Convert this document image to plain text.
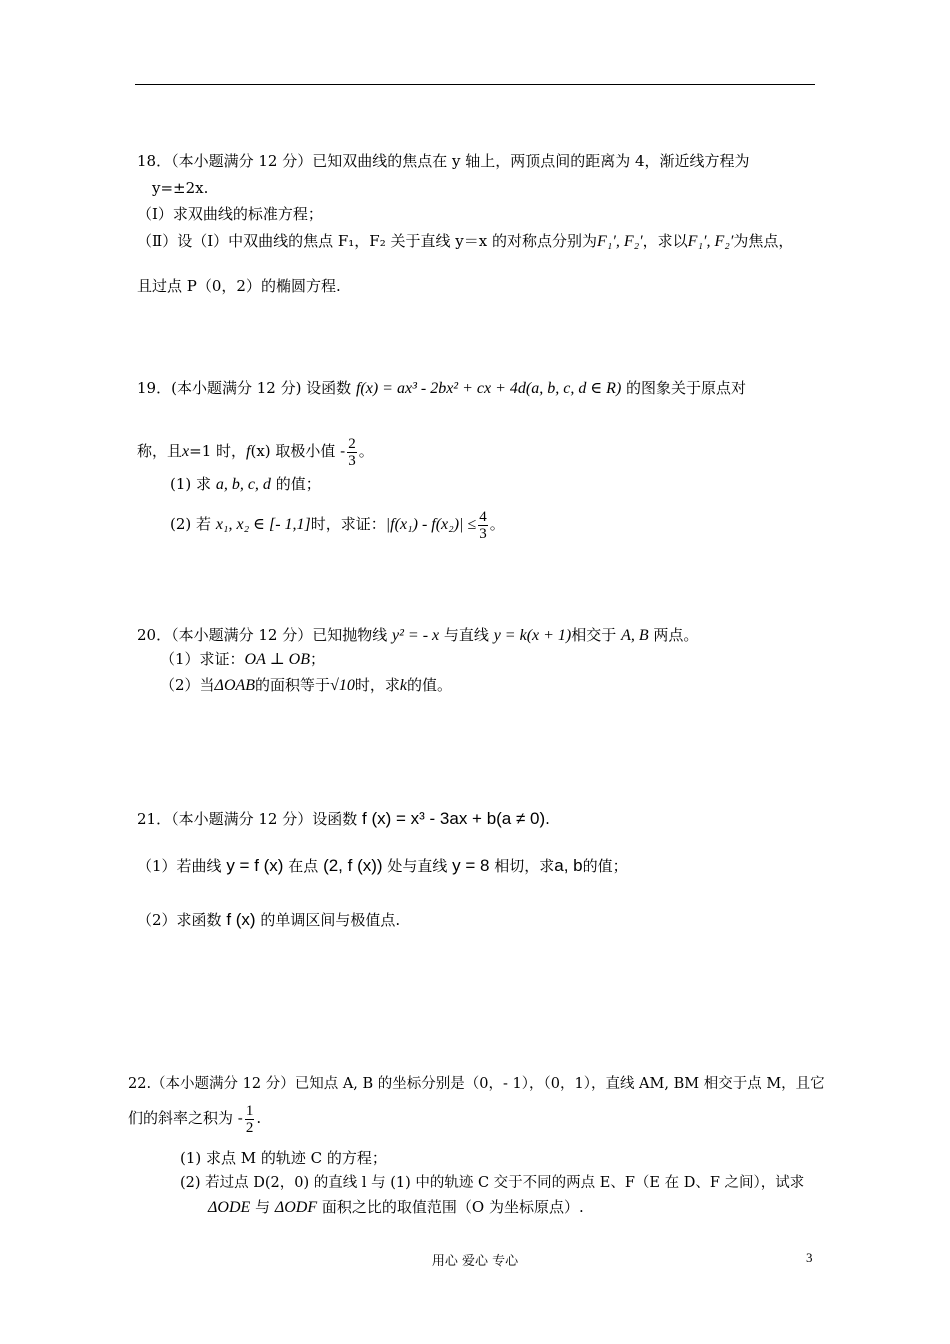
18．（本小题满分 12 分）已知双曲线的焦点在 y 轴上，两顶点间的距离为 4，渐近线方程为
y=±2x.
（Ⅰ）求双曲线的标准方程；
（Ⅱ）设（Ⅰ）中双曲线的焦点 F₁，F₂ 关于直线 y＝x 的对称点分别为F₁′, F₂′，求以F₁′, F₂′为焦点，
且过点 P（0，2）的椭圆方程.
19．(本小题满分 12 分) 设函数 f(x) = ax³ - 2bx² + cx + 4d(a, b, c, d ∈ R) 的图象关于原点对
称，且x=1 时，f(x) 取极小值 - $\frac{2}{3}$ 。
(1) 求 a, b, c, d 的值；
(2) 若 x₁, x₂ ∈ [- 1,1]时，求证：$|f(x_1) - f(x_2)| \le \frac{4}{3}$ 。
20．（本小题满分 12 分）已知抛物线 y² = - x 与直线 y = k(x + 1)相交于 A, B 两点。
（1）求证：OA ⊥ OB；
（2）当ΔOAB的面积等于√10时，求k的值。
21．（本小题满分 12 分）设函数 f (x) = x³ - 3ax + b(a ≠ 0).
（1）若曲线 y = f (x) 在点 (2, f (x)) 处与直线 y = 8 相切，求a, b的值；
（2）求函数 f (x) 的单调区间与极值点.
22.（本小题满分 12 分）已知点 A, B 的坐标分别是（0，- 1），（0，1），直线 AM, BM 相交于点 M，且它
们的斜率之积为 - $\frac{1}{2}$ .
(1) 求点 M 的轨迹 C 的方程；
(2) 若过点 D(2，0) 的直线 l 与 (1) 中的轨迹 C 交于不同的两点 E、F（E 在 D、F 之间），试求
ΔODE 与 ΔODF 面积之比的取值范围（O 为坐标原点）.
用心 爱心 专心	3
